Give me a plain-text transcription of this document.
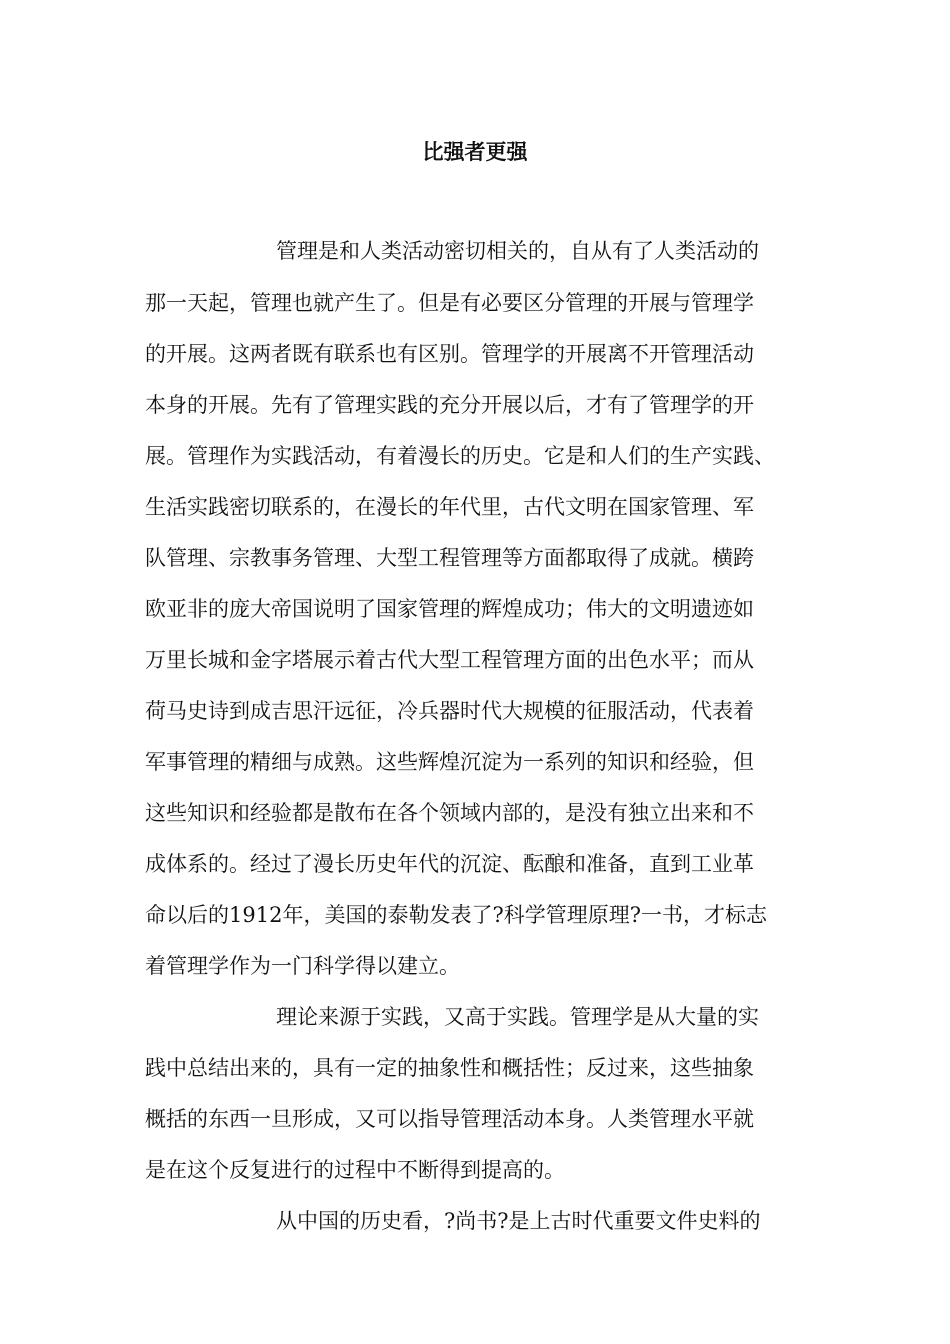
比强者更强

管理是和人类活动密切相关的，自从有了人类活动的

那一天起，管理也就产生了。但是有必要区分管理的开展与管理学

的开展。这两者既有联系也有区别。管理学的开展离不开管理活动

本身的开展。先有了管理实践的充分开展以后，才有了管理学的开

展。管理作为实践活动，有着漫长的历史。它是和人们的生产实践、

生活实践密切联系的，在漫长的年代里，古代文明在国家管理、军

队管理、宗教事务管理、大型工程管理等方面都取得了成就。横跨

欧亚非的庞大帝国说明了国家管理的辉煌成功；伟大的文明遗迹如

万里长城和金字塔展示着古代大型工程管理方面的出色水平；而从

荷马史诗到成吉思汗远征，冷兵器时代大规模的征服活动，代表着

军事管理的精细与成熟。这些辉煌沉淀为一系列的知识和经验，但

这些知识和经验都是散布在各个领域内部的，是没有独立出来和不

成体系的。经过了漫长历史年代的沉淀、酝酿和准备，直到工业革

命以后的1912年，美国的泰勒发表了?科学管理原理?一书，才标志

着管理学作为一门科学得以建立。

理论来源于实践，又高于实践。管理学是从大量的实

践中总结出来的，具有一定的抽象性和概括性；反过来，这些抽象

概括的东西一旦形成，又可以指导管理活动本身。人类管理水平就

是在这个反复进行的过程中不断得到提高的。

从中国的历史看，?尚书?是上古时代重要文件史料的
